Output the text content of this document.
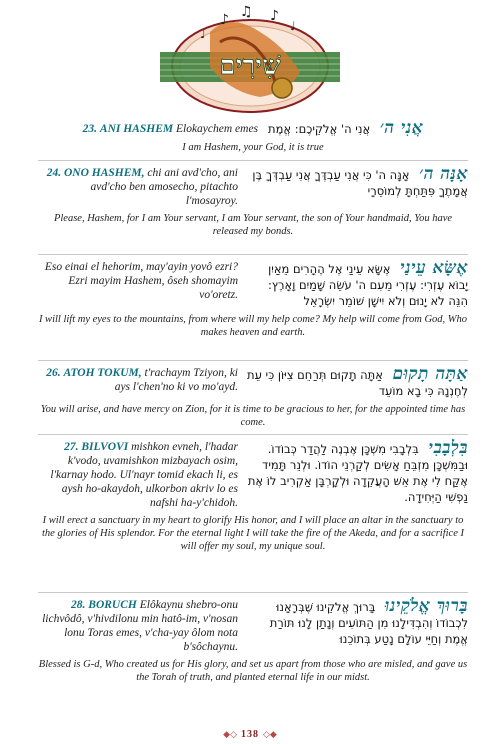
שִׁירִים
♪ ♫ ♪
♩
♩
23. ANI HASHEM Elokaychem emes	אֲנִי ה׳ אֲנִי ה' אֱלֹקֵיכֶם: אֱמֶת
I am Hashem, your God, it is true
24. ONO HASHEM, chi ani avd'cho, ani avd'cho ben amosecho, pitachto l'mosayroy.
אָנָּה ה׳ אָנָּה ה' כִּי אֲנִי עַבְדֶּךָ אֲנִי עַבְדְּךָ בֶּן אֲמָתֶךָ פִּתַּחְתָּ לְמוֹסֵרָי
Please, Hashem, for I am Your servant, I am Your servant, the son of Your handmaid, You have released my bonds.
Eso einai el hehorim, may'ayin yovô ezri? Ezri mayim Hashem, ôseh shomayim vo'oretz.
אֶשָּׂא עֵינַי אֶשָּׂא עֵינַי אֶל הֶהָרִים מֵאַיִן יָבוֹא עֶזְרִי: עֶזְרִי מֵעִם ה' עֹשֵׂה שָׁמַיִם וָאָרֶץ: הִנֵּה לֹא יָנוּם וְלֹא יִישָׁן שׁוֹמֵר יִשְׂרָאֵל
I will lift my eyes to the mountains, from where will my help come? My help will come from God, Who makes heaven and earth.
26. ATOH TOKUM, t'rachaym Tziyon, ki ays l'chen'no ki vo mo'ayd.
אַתָּה תָקוּם אַתָּה תָקוּם תְּרַחֵם צִיּוֹן כִּי עֵת לְחֶנְנָהּ כִּי בָא מוֹעֵד
You will arise, and have mercy on Zion, for it is time to be gracious to her, for the appointed time has come.
27. BILVOVI mishkon evneh, l'hadar k'vodo, uvamishkon mizbayach osim, l'karnay hodo. Ul'nayr tomid ekach li, es aysh ho-akaydoh, ulkorbon akriv lo es nafshi ha-y'chidoh.
בִּלְבָבִי בִּלְבָבִי מִשְׁכָּן אֶבְנֶה לַהֲדַר כְּבוֹדוֹ. וּבַמִּשְׁכָּן מִזְבֵּחַ אָשִׂים לְקַרְנֵי הוֹדוֹ. וּלְנֵר תָּמִיד אֶקַּח לִי אֶת אֵשׁ הָעֲקֵדָה וּלְקָרְבָּן אַקְרִיב לוֹ אֶת נַפְשִׁי הַיְּחִידָה.
I will erect a sanctuary in my heart to glorify His honor, and I will place an altar in the sanctuary to the glories of His splendor. For the eternal light I will take the fire of the Akeda, and for a sacrifice I will offer my soul, my unique soul.
28. BORUCH Elôkaynu shebro-onu lichvôdô, v'hivdilonu min hatô-im, v'nosan lonu Toras emes, v'cha-yay ôlom nota b'sôchaynu.
בָּרוּךְ אֱלֹקֵינוּ בָּרוּךְ אֱלֹקֵינוּ שֶׁבְּרָאָנוּ לִכְבוֹדוֹ וְהִבְדִּילָנוּ מִן הַתּוֹעִים וְנָתַן לָנוּ תּוֹרַת אֱמֶת וְחַיֵּי עוֹלָם נָטַע בְּתוֹכֵנוּ
Blessed is G-d, Who created us for His glory, and set us apart from those who are misled, and gave us the Torah of truth, and planted eternal life in our midst.
◆◇ 138 ◇◆
